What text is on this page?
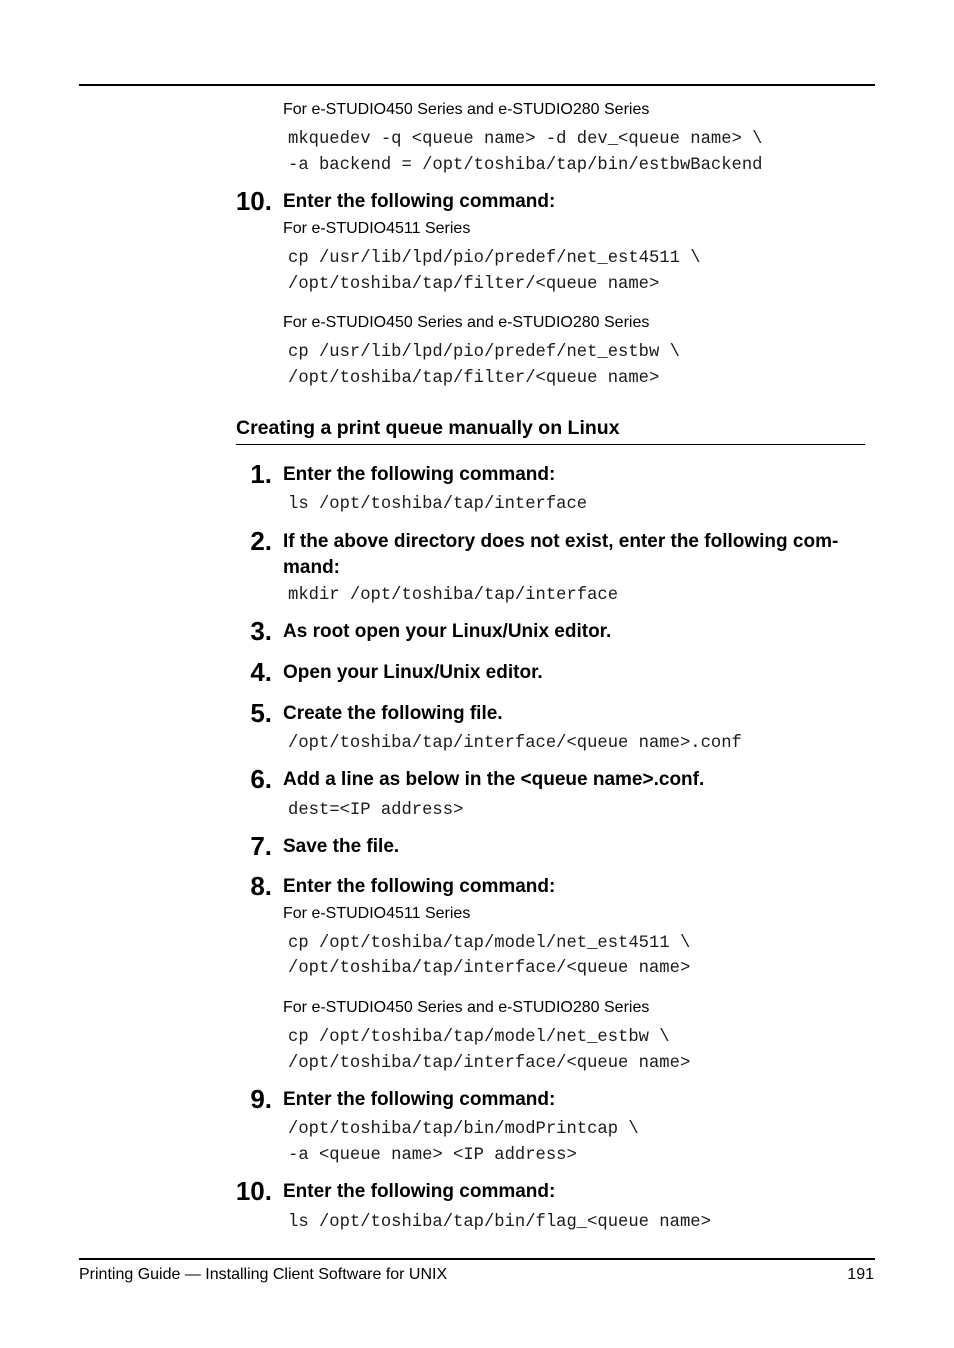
For e-STUDIO450 Series and e-STUDIO280 Series
mkquedev -q <queue name> -d dev_<queue name> \
-a backend = /opt/toshiba/tap/bin/estbwBackend
10. Enter the following command:
For e-STUDIO4511 Series
cp /usr/lib/lpd/pio/predef/net_est4511 \
/opt/toshiba/tap/filter/<queue name>
For e-STUDIO450 Series and e-STUDIO280 Series
cp /usr/lib/lpd/pio/predef/net_estbw \
/opt/toshiba/tap/filter/<queue name>
Creating a print queue manually on Linux
1. Enter the following command:
ls /opt/toshiba/tap/interface
2. If the above directory does not exist, enter the following com-
mand:
mkdir /opt/toshiba/tap/interface
3. As root open your Linux/Unix editor.
4. Open your Linux/Unix editor.
5. Create the following file.
/opt/toshiba/tap/interface/<queue name>.conf
6. Add a line as below in the <queue name>.conf.
dest=<IP address>
7. Save the file.
8. Enter the following command:
For e-STUDIO4511 Series
cp /opt/toshiba/tap/model/net_est4511 \
/opt/toshiba/tap/interface/<queue name>
For e-STUDIO450 Series and e-STUDIO280 Series
cp /opt/toshiba/tap/model/net_estbw \
/opt/toshiba/tap/interface/<queue name>
9. Enter the following command:
/opt/toshiba/tap/bin/modPrintcap \
-a <queue name> <IP address>
10. Enter the following command:
ls /opt/toshiba/tap/bin/flag_<queue name>
Printing Guide — Installing Client Software for UNIX	191
